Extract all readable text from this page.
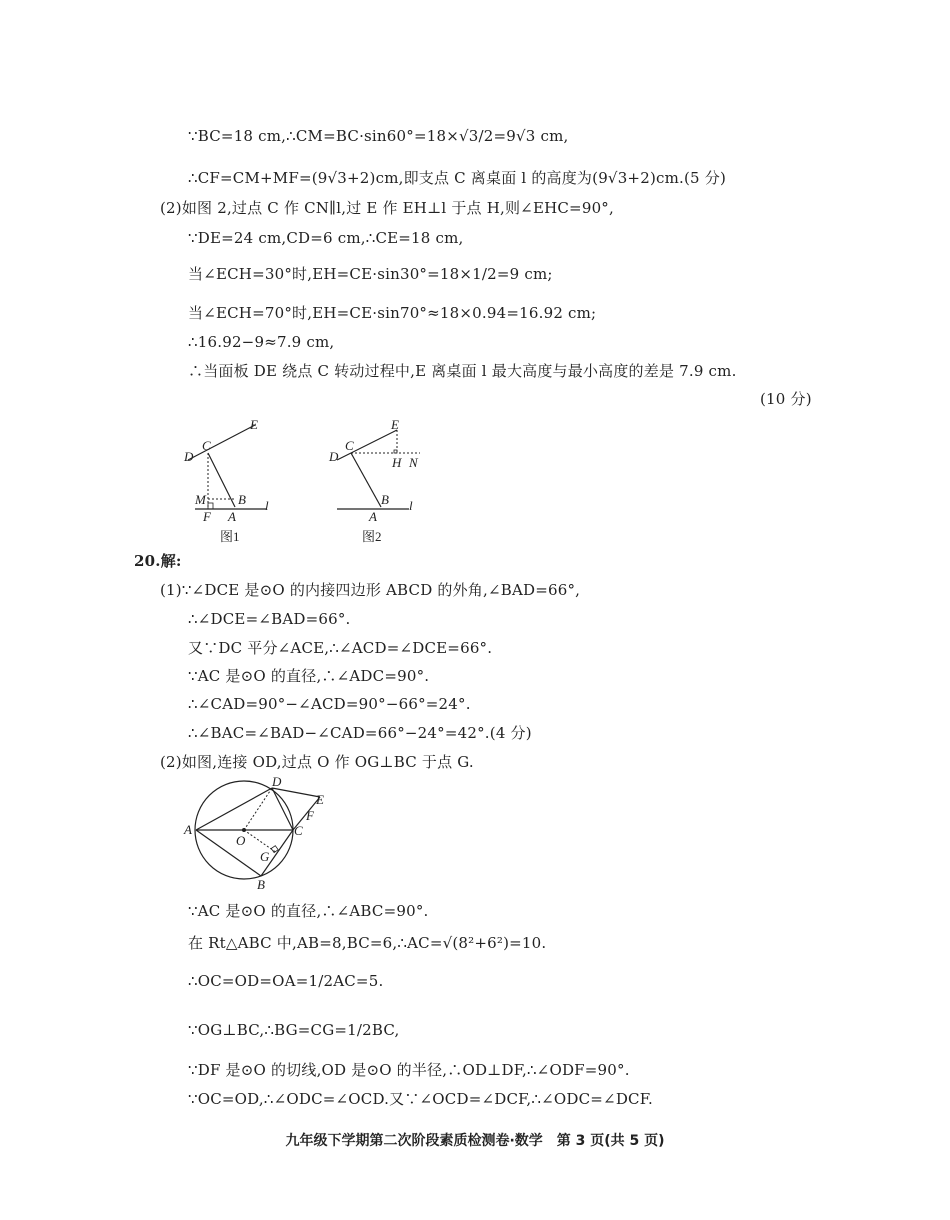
∵BC=18 cm,∴CM=BC·sin60°=18×√3/2=9√3 cm,
∴CF=CM+MF=(9√3+2)cm,即支点 C 离桌面 l 的高度为(9√3+2)cm.(5 分)
(2)如图 2,过点 C 作 CN∥l,过 E 作 EH⊥l 于点 H,则∠EHC=90°,
∵DE=24 cm,CD=6 cm,∴CE=18 cm,
当∠ECH=30°时,EH=CE·sin30°=18×1/2=9 cm;
当∠ECH=70°时,EH=CE·sin70°≈18×0.94=16.92 cm;
∴16.92−9≈7.9 cm,
∴当面板 DE 绕点 C 转动过程中,E 离桌面 l 最大高度与最小高度的差是 7.9 cm.
(10 分)
E
C
D
M B l
F A
图1
E
C
D	H N
B l
A
图2
20.解:
(1)∵∠DCE 是⊙O 的内接四边形 ABCD 的外角,∠BAD=66°,
∴∠DCE=∠BAD=66°.
又∵DC 平分∠ACE,∴∠ACD=∠DCE=66°.
∵AC 是⊙O 的直径,∴∠ADC=90°.
∴∠CAD=90°−∠ACD=90°−66°=24°.
∴∠BAC=∠BAD−∠CAD=66°−24°=42°.(4 分)
(2)如图,连接 OD,过点 O 作 OG⊥BC 于点 G.
D
E
F
A
O
C
G
B
∵AC 是⊙O 的直径,∴∠ABC=90°.
在 Rt△ABC 中,AB=8,BC=6,∴AC=√(8²+6²)=10.
∴OC=OD=OA=1/2AC=5.
∵OG⊥BC,∴BG=CG=1/2BC,
∵DF 是⊙O 的切线,OD 是⊙O 的半径,∴OD⊥DF,∴∠ODF=90°.
∵OC=OD,∴∠ODC=∠OCD.又∵∠OCD=∠DCF,∴∠ODC=∠DCF.
九年级下学期第二次阶段素质检测卷·数学　第 3 页(共 5 页)
